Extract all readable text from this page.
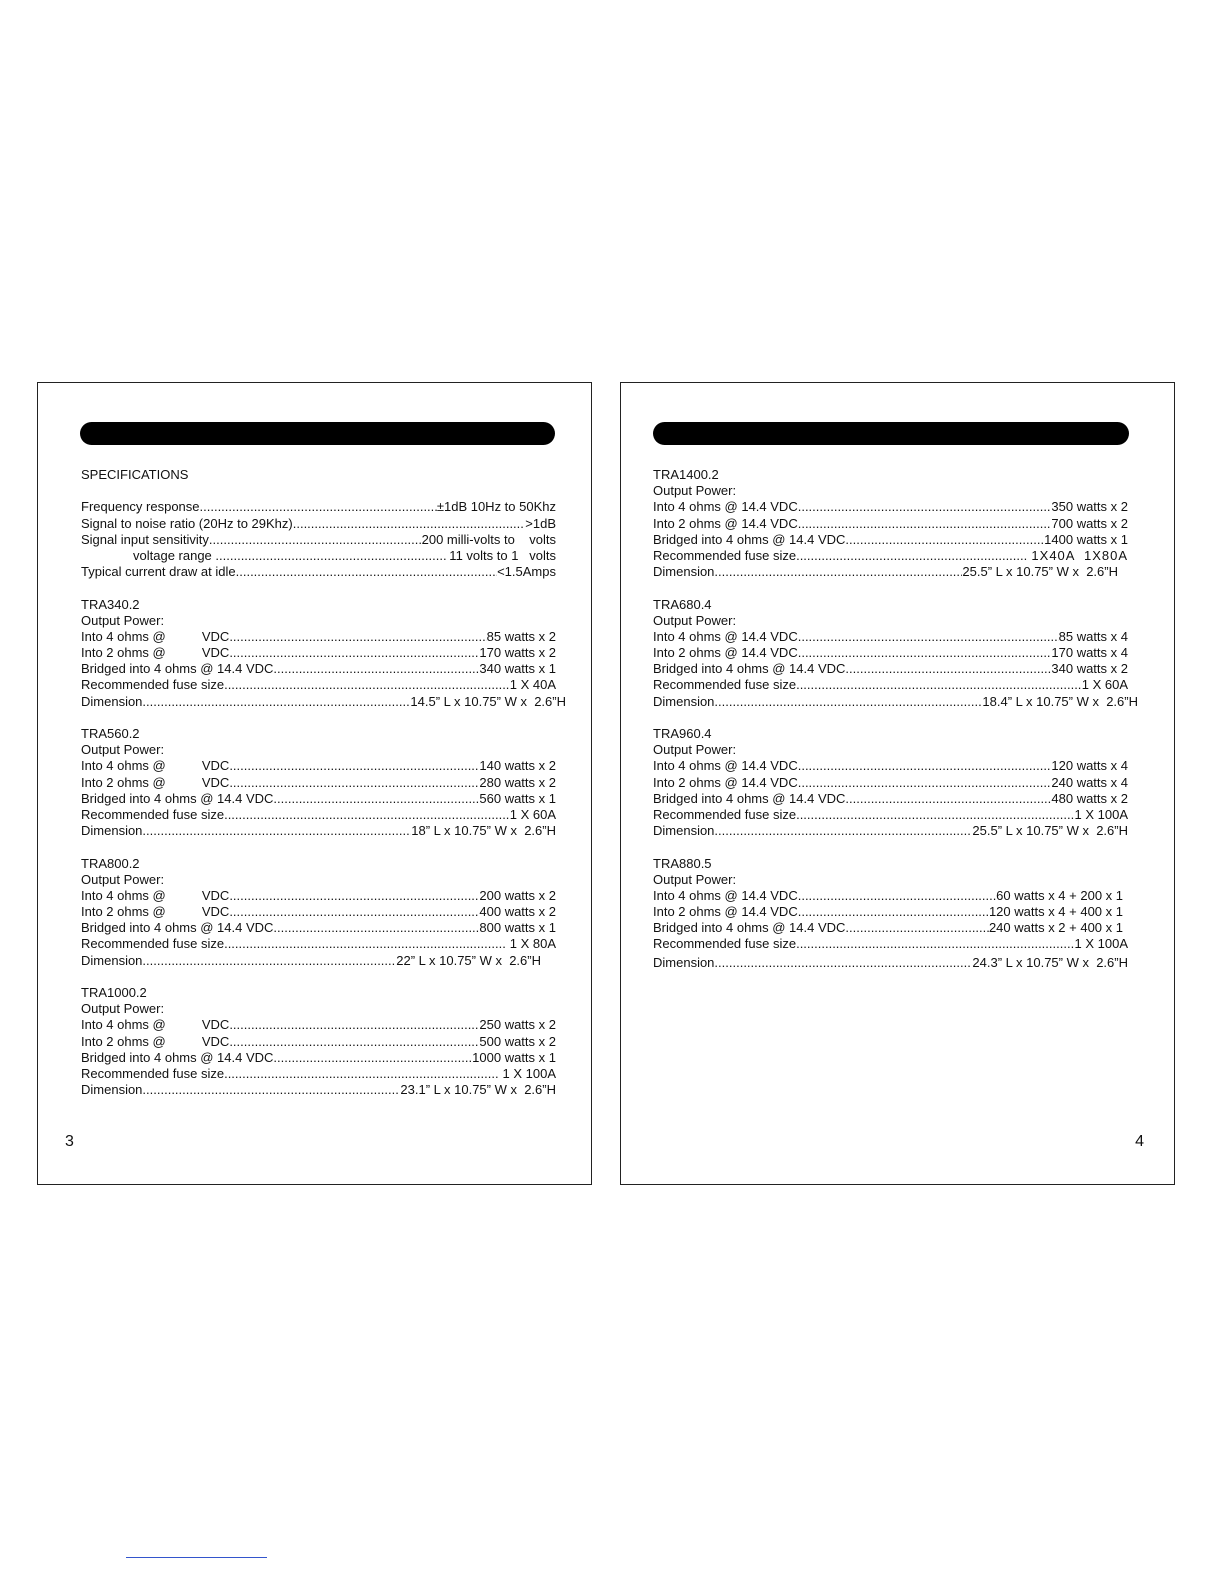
SPECIFICATIONS
Frequency response .....	±1dB 10Hz to 50Khz
Signal to noise ratio (20Hz to 29Khz) .....	>1dB
Signal input sensitivity .....	200 milli-volts to    volts
voltage range .....	11 volts to 1   volts
Typical current draw at idle .....	<1.5Amps
TRA340.2
Output Power:
Into 4 ohms @          VDC .....	85 watts x 2
Into 2 ohms @          VDC .....	170 watts x 2
Bridged into 4 ohms @ 14.4 VDC .....	340 watts x 1
Recommended fuse size .....	1 X 40A
Dimension .....	14.5” L x 10.75” W x  2.6”H
TRA560.2
Output Power:
Into 4 ohms @          VDC .....	140 watts x 2
Into 2 ohms @          VDC .....	280 watts x 2
Bridged into 4 ohms @ 14.4 VDC .....	560 watts x 1
Recommended fuse size .....	1 X 60A
Dimension .....	18” L x 10.75” W x  2.6”H
TRA800.2
Output Power:
Into 4 ohms @          VDC .....	200 watts x 2
Into 2 ohms @          VDC .....	400 watts x 2
Bridged into 4 ohms @ 14.4 VDC .....	800 watts x 1
Recommended fuse size .....	1 X 80A
Dimension .....	22” L x 10.75” W x  2.6”H
TRA1000.2
Output Power:
Into 4 ohms @          VDC .....	250 watts x 2
Into 2 ohms @          VDC .....	500 watts x 2
Bridged into 4 ohms @ 14.4 VDC .....	1000 watts x 1
Recommended fuse size .....	1 X 100A
Dimension .....	23.1” L x 10.75” W x  2.6”H
3
TRA1400.2
Output Power:
Into 4 ohms @ 14.4 VDC .....	350 watts x 2
Into 2 ohms @ 14.4 VDC .....	700 watts x 2
Bridged into 4 ohms @ 14.4 VDC .....	1400 watts x 1
Recommended fuse size .....	1X40A  1X80A
Dimension .....	25.5” L x 10.75” W x  2.6”H
TRA680.4
Output Power:
Into 4 ohms @ 14.4 VDC .....	85 watts x 4
Into 2 ohms @ 14.4 VDC .....	170 watts x 4
Bridged into 4 ohms @ 14.4 VDC .....	340 watts x 2
Recommended fuse size .....	1 X 60A
Dimension .....	18.4” L x 10.75” W x  2.6”H
TRA960.4
Output Power:
Into 4 ohms @ 14.4 VDC .....	120 watts x 4
Into 2 ohms @ 14.4 VDC .....	240 watts x 4
Bridged into 4 ohms @ 14.4 VDC .....	480 watts x 2
Recommended fuse size .....	1 X 100A
Dimension .....	25.5” L x 10.75” W x  2.6”H
TRA880.5
Output Power:
Into 4 ohms @ 14.4 VDC .....	60 watts x 4 + 200 x 1
Into 2 ohms @ 14.4 VDC .....	120 watts x 4 + 400 x 1
Bridged into 4 ohms @ 14.4 VDC .....	240 watts x 2 + 400 x 1
Recommended fuse size .....	1 X 100A
Dimension .....	24.3” L x 10.75” W x  2.6”H
4
